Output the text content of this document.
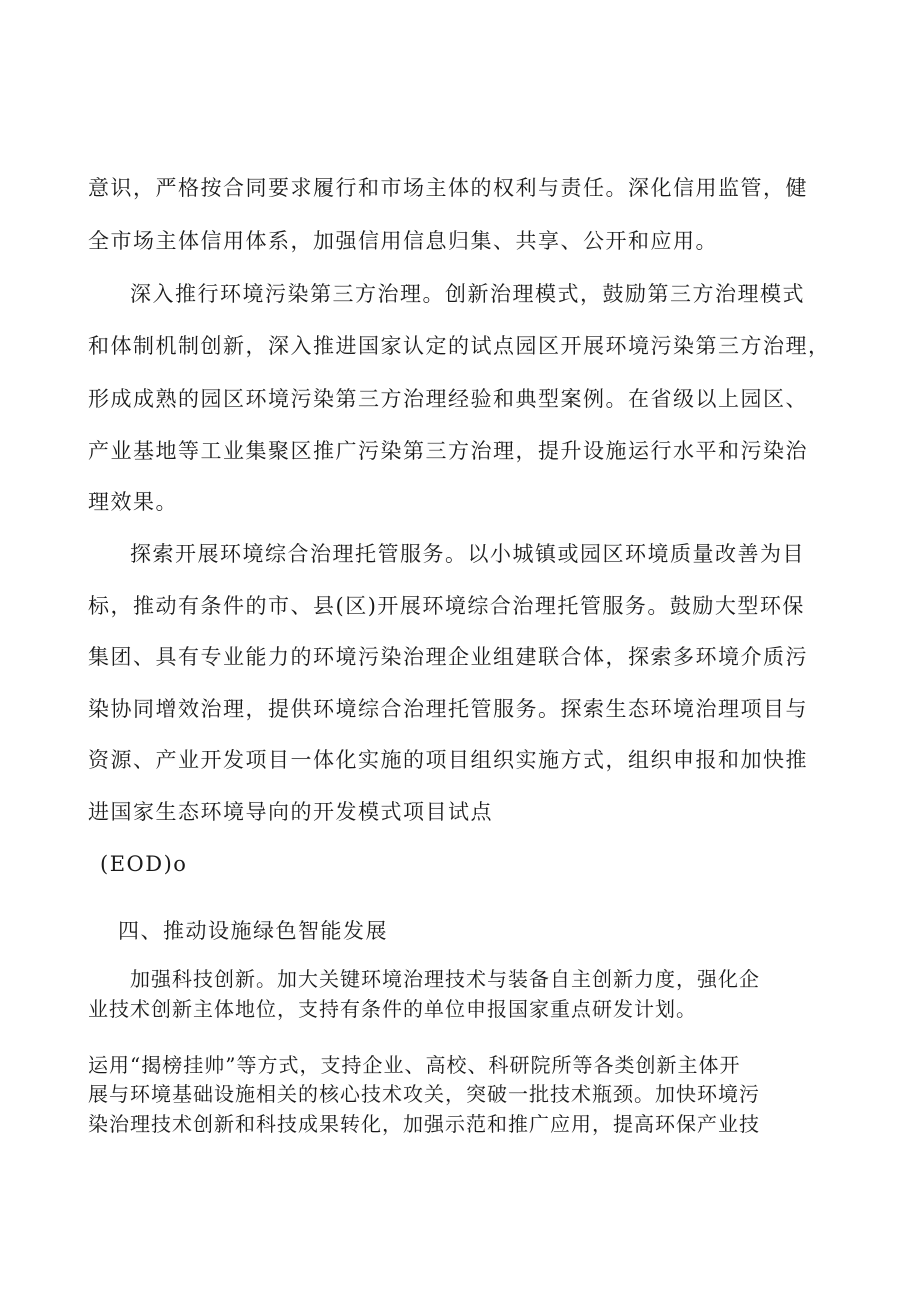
意识，严格按合同要求履行和市场主体的权利与责任。深化信用监管，健
全市场主体信用体系，加强信用信息归集、共享、公开和应用。
深入推行环境污染第三方治理。创新治理模式，鼓励第三方治理模式
和体制机制创新，深入推进国家认定的试点园区开展环境污染第三方治理，
形成成熟的园区环境污染第三方治理经验和典型案例。在省级以上园区、
产业基地等工业集聚区推广污染第三方治理，提升设施运行水平和污染治
理效果。
探索开展环境综合治理托管服务。以小城镇或园区环境质量改善为目
标，推动有条件的市、县(区)开展环境综合治理托管服务。鼓励大型环保
集团、具有专业能力的环境污染治理企业组建联合体，探索多环境介质污
染协同增效治理，提供环境综合治理托管服务。探索生态环境治理项目与
资源、产业开发项目一体化实施的项目组织实施方式，组织申报和加快推
进国家生态环境导向的开发模式项目试点
(EOD)o
四、推动设施绿色智能发展
加强科技创新。加大关键环境治理技术与装备自主创新力度，强化企
业技术创新主体地位，支持有条件的单位申报国家重点研发计划。
运用“揭榜挂帅”等方式，支持企业、高校、科研院所等各类创新主体开
展与环境基础设施相关的核心技术攻关，突破一批技术瓶颈。加快环境污
染治理技术创新和科技成果转化，加强示范和推广应用，提高环保产业技
